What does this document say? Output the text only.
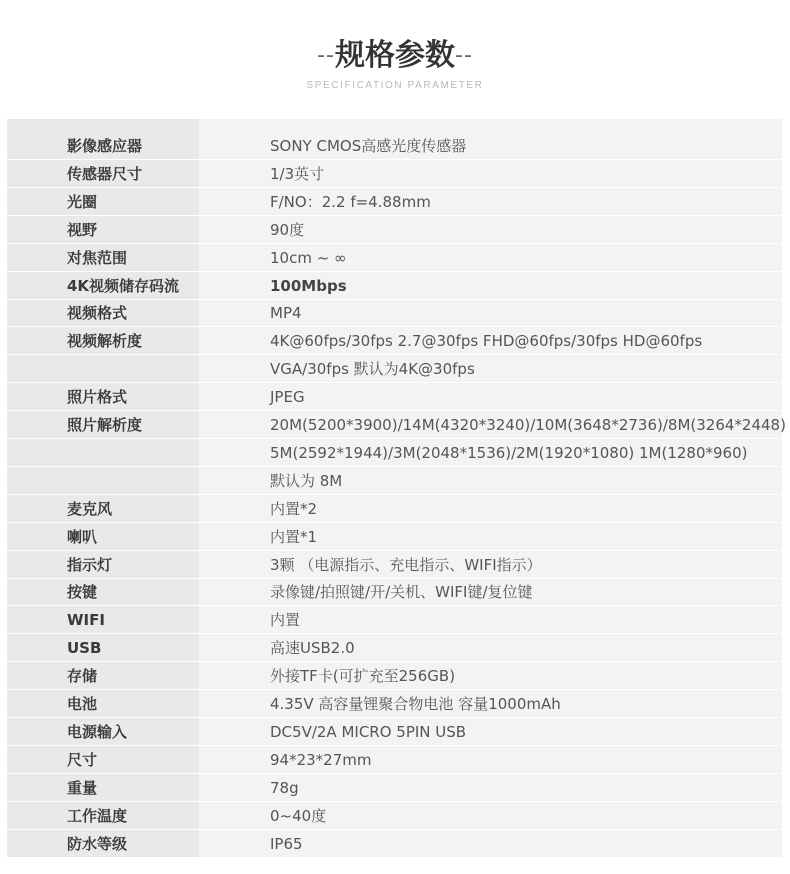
--规格参数--
SPECIFICATION PARAMETER
影像感应器	SONY CMOS高感光度传感器
传感器尺寸	1/3英寸
光圈	F/NO：2.2 f=4.88mm
视野	90度
对焦范围	10cm ~ ∞
4K视频储存码流	100Mbps
视频格式	MP4
视频解析度	4K@60fps/30fps 2.7@30fps FHD@60fps/30fps HD@60fps
VGA/30fps 默认为4K@30fps
照片格式	JPEG
照片解析度	20M(5200*3900)/14M(4320*3240)/10M(3648*2736)/8M(3264*2448)
5M(2592*1944)/3M(2048*1536)/2M(1920*1080) 1M(1280*960)
默认为 8M
麦克风	内置*2
喇叭	内置*1
指示灯	3颗 （电源指示、充电指示、WIFI指示）
按键	录像键/拍照键/开/关机、WIFI键/复位键
WIFI	内置
USB	高速USB2.0
存储	外接TF卡(可扩充至256GB)
电池	4.35V 高容量锂聚合物电池 容量1000mAh
电源输入	DC5V/2A MICRO 5PIN USB
尺寸	94*23*27mm
重量	78g
工作温度	0~40度
防水等级	IP65
